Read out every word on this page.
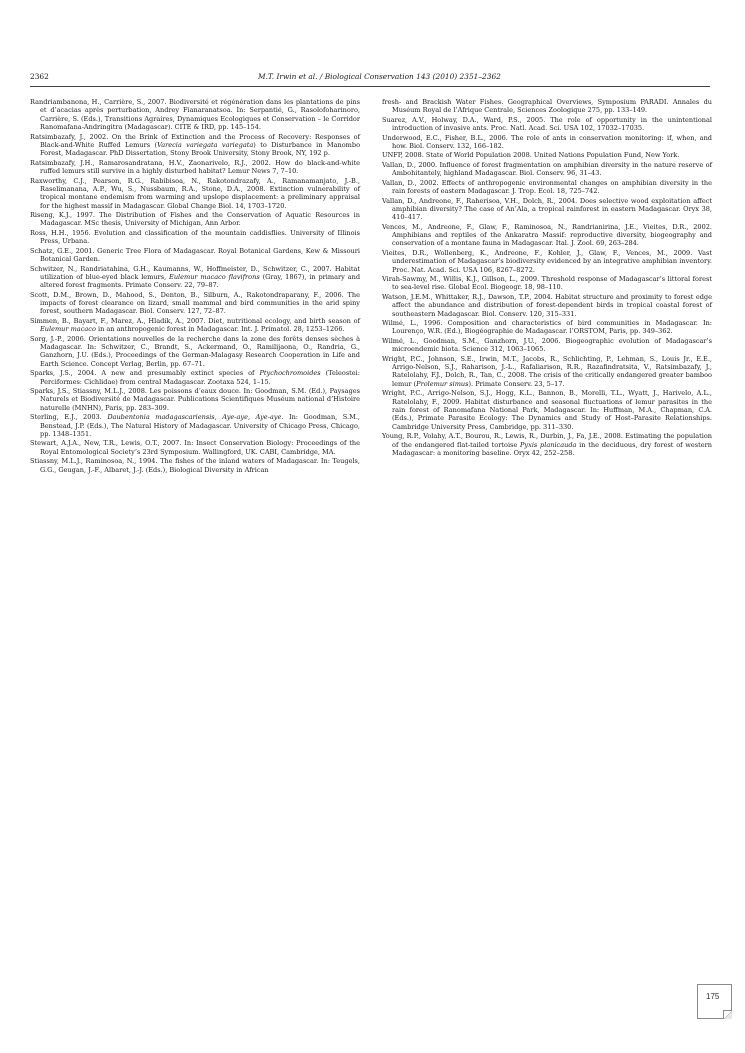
2362	M.T. Irwin et al. / Biological Conservation 143 (2010) 2351–2362

Randriambanona, H., Carrière, S., 2007. Biodiversité et régénération dans les plantations de pins et d’acacias après perturbation, Andrey Fianaranatsoa. In: Serpantié, G., Rasolofoharinoro, Carrière, S. (Eds.), Transitions Agraires, Dynamiques Ecologiques et Conservation – le Corridor Ranomafana-Andringitra (Madagascar). CITE & IRD, pp. 145–154.

Ratsimbazafy, J., 2002. On the Brink of Extinction and the Process of Recovery: Responses of Black-and-White Ruffed Lemurs (Varecia variegata variegata) to Disturbance in Manombo Forest, Madagascar. PhD Dissertation, Stony Brook University, Stony Brook, NY, 192 p.

Ratsimbazafy, J.H., Ramarosandratana, H.V., Zaonarivelo, R.J., 2002. How do black-and-white ruffed lemurs still survive in a highly disturbed habitat? Lemur News 7, 7–10.

Raxworthy, C.J., Pearson, R.G., Rabibisoa, N., Rakotondrazafy, A., Ramanamanjato, J.-B., Raselimanana, A.P., Wu, S., Nussbaum, R.A., Stone, D.A., 2008. Extinction vulnerability of tropical montane endemism from warming and upslope displacement: a preliminary appraisal for the highest massif in Madagascar. Global Change Biol. 14, 1703–1720.

Riseng, K.J., 1997. The Distribution of Fishes and the Conservation of Aquatic Resources in Madagascar. MSc thesis, University of Michigan, Ann Arbor.

Ross, H.H., 1956. Evolution and classification of the mountain caddisflies. University of Illinois Press, Urbana.

Schatz, G.E., 2001. Generic Tree Flora of Madagascar. Royal Botanical Gardens, Kew & Missouri Botanical Garden.

Schwitzer, N., Randriatahina, G.H., Kaumanns, W., Hoffmeister, D., Schwitzer, C., 2007. Habitat utilization of blue-eyed black lemurs, Eulemur macaco flavifrons (Gray, 1867), in primary and altered forest fragments. Primate Conserv. 22, 79–87.

Scott, D.M., Brown, D., Mahood, S., Denton, B., Silburn, A., Rakotondraparany, F., 2006. The impacts of forest clearance on lizard, small mammal and bird communities in the arid spiny forest, southern Madagascar. Biol. Conserv. 127, 72–87.

Simmen, B., Bayart, F., Marez, A., Hladik, A., 2007. Diet, nutritional ecology, and birth season of Eulemur macaco in an anthropogenic forest in Madagascar. Int. J. Primatol. 28, 1253–1266.

Sorg, J.-P., 2006. Orientations nouvelles de la recherche dans la zone des forêts denses sèches à Madagascar. In: Schwitzer, C., Brandt, S., Ackermand, O., Ramilijaona, O., Randria, G., Ganzhorn, J.U. (Eds.), Proceedings of the German-Malagasy Research Cooperation in Life and Earth Science. Concept Verlag, Berlin, pp. 67–71.

Sparks, J.S., 2004. A new and presumably extinct species of Ptychochromoides (Teleostei: Perciformes: Cichlidae) from central Madagascar. Zootaxa 524, 1–15.

Sparks, J.S., Stiassny, M.L.J., 2008. Les poissons d’eaux douce. In: Goodman, S.M. (Ed.), Paysages Naturels et Biodiversité de Madagascar. Publications Scientifiques Muséum national d’Histoire naturelle (MNHN), Paris, pp. 283–309.

Sterling, E.J., 2003. Daubentonia madagascariensis, Aye-aye, Aye-aye. In: Goodman, S.M., Benstead, J.P. (Eds.), The Natural History of Madagascar. University of Chicago Press, Chicago, pp. 1348–1351.

Stewart, A.J.A., New, T.R., Lewis, O.T., 2007. In: Insect Conservation Biology: Proceedings of the Royal Entomological Society’s 23rd Symposium. Wallingford, UK. CABI, Cambridge, MA.

Stiassny, M.L.J., Raminosoa, N., 1994. The fishes of the inland waters of Madagascar. In: Teugels, G.G., Geugan, J.-F., Albaret, J.-J. (Eds.), Biological Diversity in African

fresh- and Brackish Water Fishes. Geographical Overviews, Symposium PARADI. Annales du Muséum Royal de l’Afrique Centrale, Sciences Zoologique 275, pp. 133–149.

Suarez, A.V., Holway, D.A., Ward, P.S., 2005. The role of opportunity in the unintentional introduction of invasive ants. Proc. Natl. Acad. Sci. USA 102, 17032–17035.

Underwood, E.C., Fisher, B.L., 2006. The role of ants in conservation monitoring: if, when, and how. Biol. Conserv. 132, 166–182.

UNFP, 2008. State of World Population 2008. United Nations Population Fund, New York.

Vallan, D., 2000. Influence of forest fragmentation on amphibian diversity in the nature reserve of Ambohitantely, highland Madagascar. Biol. Conserv. 96, 31–43.

Vallan, D., 2002. Effects of anthropogenic environmental changes on amphibian diversity in the rain forests of eastern Madagascar. J. Trop. Ecol. 18, 725–742.

Vallan, D., Andreone, F., Raherisoa, V.H., Dolch, R., 2004. Does selective wood exploitation affect amphibian diversity? The case of An’Ala, a tropical rainforest in eastern Madagascar. Oryx 38, 410–417.

Vences, M., Andreone, F., Glaw, F., Raminosoa, N., Randrianirina, J.E., Vieites, D.R., 2002. Amphibians and reptiles of the Ankaratra Massif: reproductive diversity, biogeography and conservation of a montane fauna in Madagascar. Ital. J. Zool. 69, 263–284.

Vieites, D.R., Wollenberg, K., Andreone, F., Kohler, J., Glaw, F., Vences, M., 2009. Vast underestimation of Madagascar’s biodiversity evidenced by an integrative amphibian inventory. Proc. Nat. Acad. Sci. USA 106, 8267–8272.

Virah-Sawmy, M., Willis, K.J., Gillson, L., 2009. Threshold response of Madagascar’s littoral forest to sea-level rise. Global Ecol. Biogeogr. 18, 98–110.

Watson, J.E.M., Whittaker, R.J., Dawson, T.P., 2004. Habitat structure and proximity to forest edge affect the abundance and distribution of forest-dependent birds in tropical coastal forest of southeastern Madagascar. Biol. Conserv. 120, 315–331.

Wilmé, L., 1996. Composition and characteristics of bird communities in Madagascar. In: Lourenço, W.R. (Ed.), Biogéographie de Madagascar. l’ORSTOM, Paris, pp. 349–362.

Wilmé, L., Goodman, S.M., Ganzhorn, J.U., 2006. Biogeographic evolution of Madagascar’s microendemic biota. Science 312, 1063–1065.

Wright, P.C., Johnson, S.E., Irwin, M.T., Jacobs, R., Schlichting, P., Lehman, S., Louis Jr., E.E., Arrigo-Nelson, S.J., Raharison, J.-L., Rafaliarison, R.R., Razafindratsita, V., Ratsimbazafy, J., Ratelolahy, F.J., Dolch, R., Tan, C., 2008. The crisis of the critically endangered greater bamboo lemur (Prolemur simus). Primate Conserv. 23, 5–17.

Wright, P.C., Arrigo-Nelson, S.J., Hogg, K.L., Bannon, B., Morelli, T.L., Wyatt, J., Harivelo, A.L., Ratelolahy, F., 2009. Habitat disturbance and seasonal fluctuations of lemur parasites in the rain forest of Ranomafana National Park, Madagascar. In: Huffman, M.A., Chapman, C.A. (Eds.), Primate Parasite Ecology: The Dynamics and Study of Host–Parasite Relationships. Cambridge University Press, Cambridge, pp. 311–330.

Young, R.P., Volahy, A.T., Bourou, R., Lewis, R., Durbin, J., Fa, J.E., 2008. Estimating the population of the endangered flat-tailed tortoise Pyxis planicauda in the deciduous, dry forest of western Madagascar: a monitoring baseline. Oryx 42, 252–258.

175
